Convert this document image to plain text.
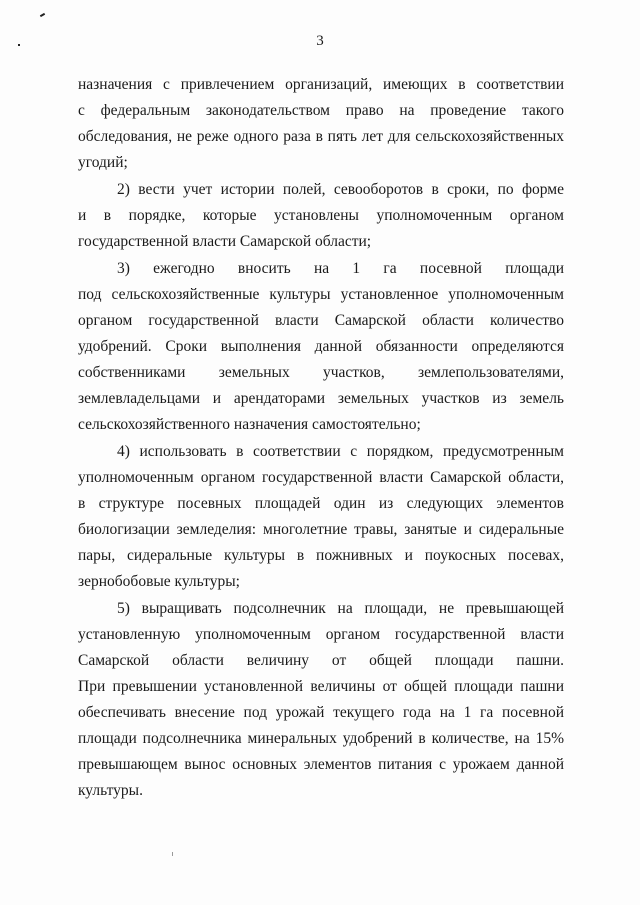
3
назначения с привлечением организаций, имеющих в соответствии
с федеральным законодательством право на проведение такого
обследования, не реже одного раза в пять лет для сельскохозяйственных
угодий;
2) вести учет истории полей, севооборотов в сроки, по форме
и в порядке, которые установлены уполномоченным органом
государственной власти Самарской области;
3) ежегодно вносить на 1 га посевной площади
под сельскохозяйственные культуры установленное уполномоченным
органом государственной власти Самарской области количество
удобрений. Сроки выполнения данной обязанности определяются
собственниками земельных участков, землепользователями,
землевладельцами и арендаторами земельных участков из земель
сельскохозяйственного назначения самостоятельно;
4) использовать в соответствии с порядком, предусмотренным
уполномоченным органом государственной власти Самарской области,
в структуре посевных площадей один из следующих элементов
биологизации земледелия: многолетние травы, занятые и сидеральные
пары, сидеральные культуры в пожнивных и поукосных посевах,
зернобобовые культуры;
5) выращивать подсолнечник на площади, не превышающей
установленную уполномоченным органом государственной власти
Самарской области величину от общей площади пашни.
При превышении установленной величины от общей площади пашни
обеспечивать внесение под урожай текущего года на 1 га посевной
площади подсолнечника минеральных удобрений в количестве, на 15%
превышающем вынос основных элементов питания с урожаем данной
культуры.
